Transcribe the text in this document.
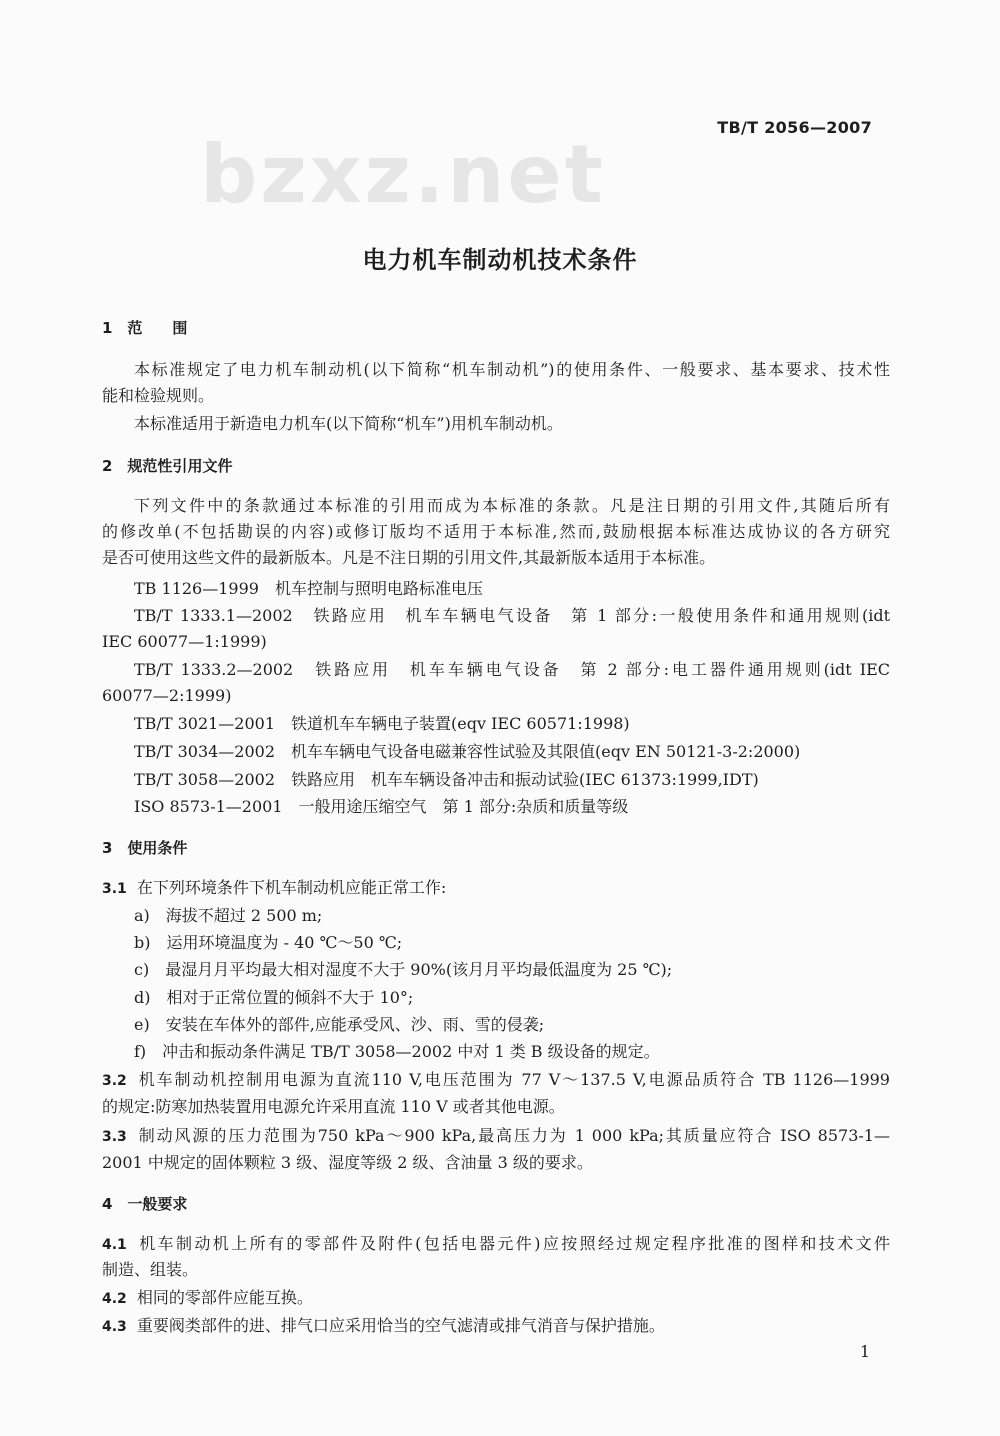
bzxz.net
TB/T 2056—2007
电力机车制动机技术条件
1　范　　围
本标准规定了电力机车制动机(以下简称“机车制动机”)的使用条件、一般要求、基本要求、技术性
能和检验规则。
本标准适用于新造电力机车(以下简称“机车”)用机车制动机。
2　规范性引用文件
下列文件中的条款通过本标准的引用而成为本标准的条款。凡是注日期的引用文件,其随后所有
的修改单(不包括勘误的内容)或修订版均不适用于本标准,然而,鼓励根据本标准达成协议的各方研究
是否可使用这些文件的最新版本。凡是不注日期的引用文件,其最新版本适用于本标准。
TB 1126—1999　机车控制与照明电路标准电压
TB/T 1333.1—2002　铁路应用　机车车辆电气设备　第 1 部分:一般使用条件和通用规则(idt
IEC 60077—1:1999)
TB/T 1333.2—2002　铁路应用　机车车辆电气设备　第 2 部分:电工器件通用规则(idt IEC
60077—2:1999)
TB/T 3021—2001　铁道机车车辆电子装置(eqv IEC 60571:1998)
TB/T 3034—2002　机车车辆电气设备电磁兼容性试验及其限值(eqv EN 50121-3-2:2000)
TB/T 3058—2002　铁路应用　机车车辆设备冲击和振动试验(IEC 61373:1999,IDT)
ISO 8573-1—2001　一般用途压缩空气　第 1 部分:杂质和质量等级
3　使用条件
3.1 在下列环境条件下机车制动机应能正常工作:
a)　海拔不超过 2 500 m;
b)　运用环境温度为 - 40 ℃～50 ℃;
c)　最湿月月平均最大相对湿度不大于 90%(该月月平均最低温度为 25 ℃);
d)　相对于正常位置的倾斜不大于 10°;
e)　安装在车体外的部件,应能承受风、沙、雨、雪的侵袭;
f)　冲击和振动条件满足 TB/T 3058—2002 中对 1 类 B 级设备的规定。
3.2 机车制动机控制用电源为直流110 V,电压范围为 77 V～137.5 V,电源品质符合 TB 1126—1999
的规定:防寒加热装置用电源允许采用直流 110 V 或者其他电源。
3.3 制动风源的压力范围为750 kPa～900 kPa,最高压力为 1 000 kPa;其质量应符合 ISO 8573-1—
2001 中规定的固体颗粒 3 级、湿度等级 2 级、含油量 3 级的要求。
4　一般要求
4.1 机车制动机上所有的零部件及附件(包括电器元件)应按照经过规定程序批准的图样和技术文件
制造、组装。
4.2 相同的零部件应能互换。
4.3 重要阀类部件的进、排气口应采用恰当的空气滤清或排气消音与保护措施。
1
